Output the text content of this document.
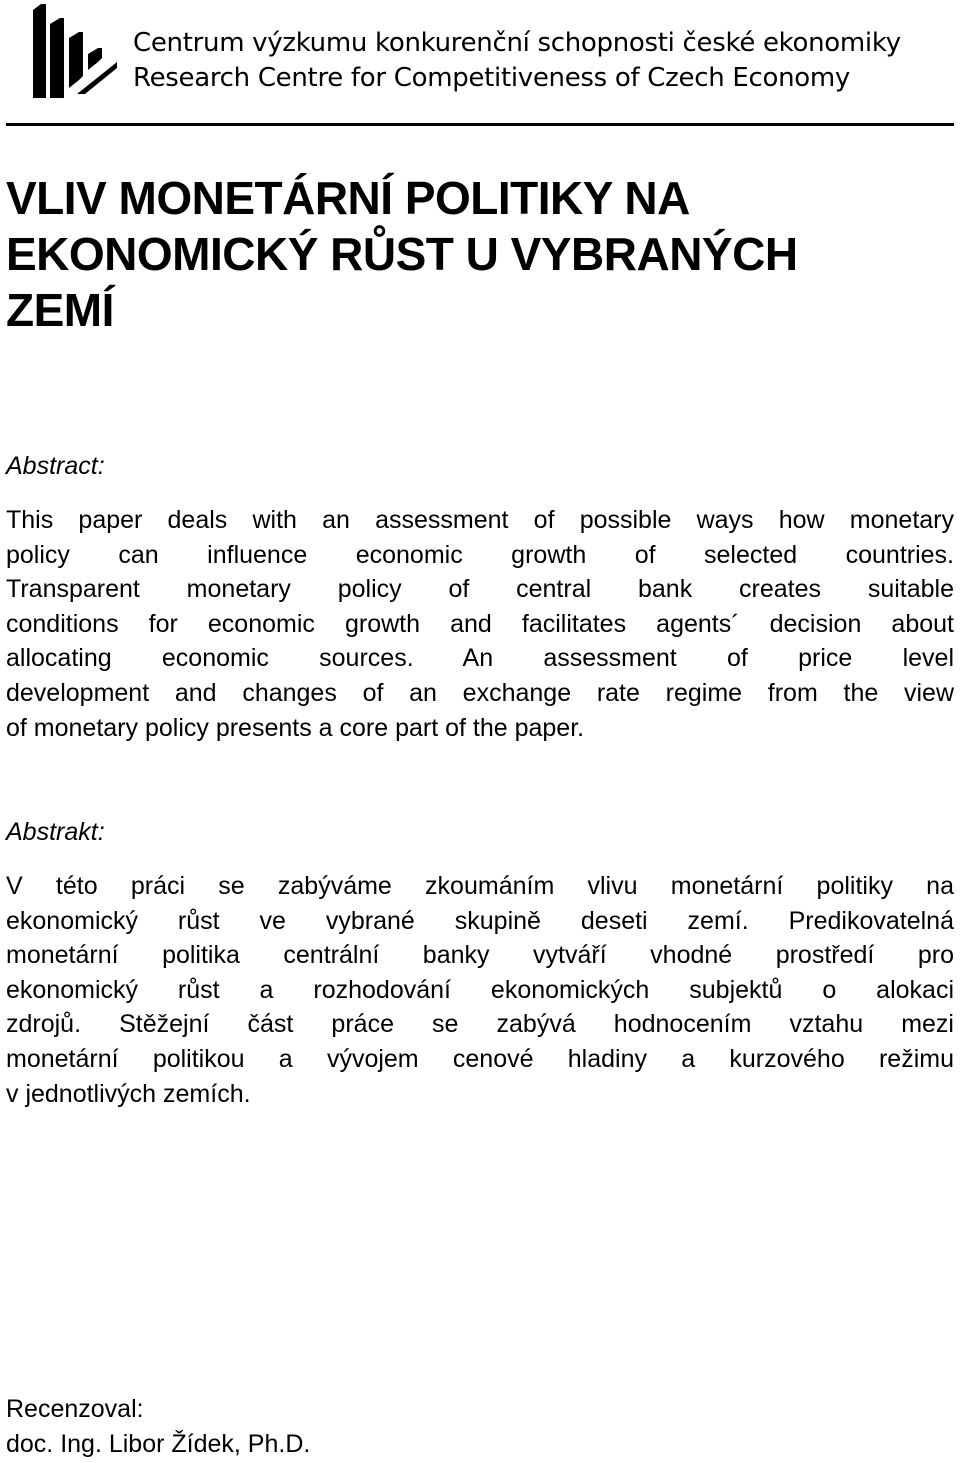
Centrum výzkumu konkurenční schopnosti české ekonomiky
Research Centre for Competitiveness of Czech Economy
VLIV MONETÁRNÍ POLITIKY NA
EKONOMICKÝ RŮST U VYBRANÝCH
ZEMÍ

Abstract:

This paper deals with an assessment of possible ways how monetary
policy can influence economic growth of selected countries.
Transparent monetary policy of central bank creates suitable
conditions for economic growth and facilitates agents´ decision about
allocating economic sources. An assessment of price level
development and changes of an exchange rate regime from the view
of monetary policy presents a core part of the paper.

Abstrakt:

V této práci se zabýváme zkoumáním vlivu monetární politiky na
ekonomický růst ve vybrané skupině deseti zemí. Predikovatelná
monetární politika centrální banky vytváří vhodné prostředí pro
ekonomický růst a rozhodování ekonomických subjektů o alokaci
zdrojů. Stěžejní část práce se zabývá hodnocením vztahu mezi
monetární politikou a vývojem cenové hladiny a kurzového režimu
v jednotlivých zemích.

Recenzoval:

doc. Ing. Libor Žídek, Ph.D.
